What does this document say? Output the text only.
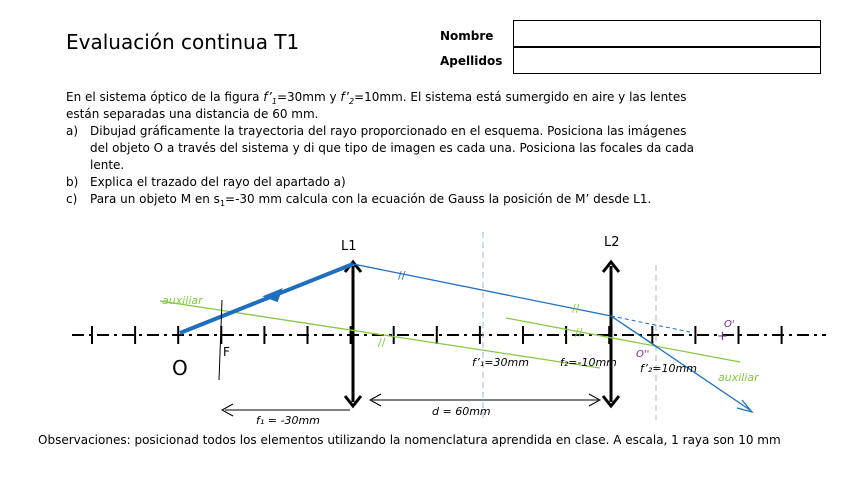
Evaluación continua T1	Nombre
Apellidos

En el sistema óptico de la figura $f’_1=30mm$ y $f’_2=10mm$. El sistema está sumergido en aire y las lentes están separadas una distancia de 60 mm.

a) Dibujad gráficamente la trayectoria del rayo proporcionado en el esquema. Posiciona las imágenes del objeto O a través del sistema y di que tipo de imagen es cada una. Posiciona las focales da cada lente.
b) Explica el trazado del rayo del apartado a)
c)	Para un objeto M en $s_1=-30$ mm calcula con la ecuación de Gauss la posición de M’ desde L1.
L1	L2
//
//
//
//
auxiliar
auxiliar
O
F
f’₁=30mm	f₂=-10mm f’₂=10mm
+
O'
O''
f₁ = -30mm
d = 60mm
Observaciones: posicionad todos los elementos utilizando la nomenclatura aprendida en clase. A escala, 1 raya son 10 mm
